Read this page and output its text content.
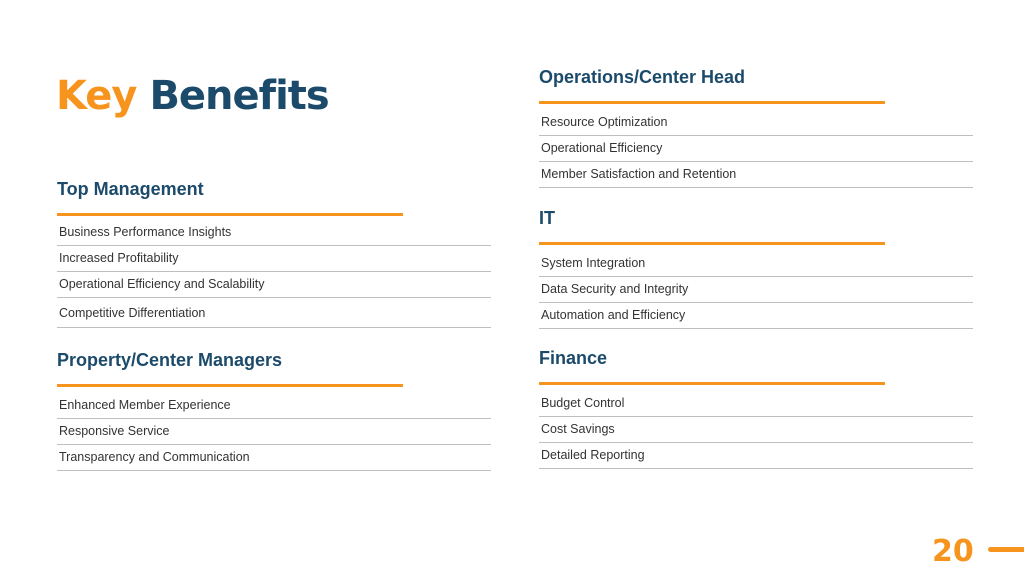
Key Benefits
Top Management
Business Performance Insights
Increased Profitability
Operational Efficiency and Scalability
Competitive Differentiation
Property/Center Managers
Enhanced Member Experience
Responsive Service
Transparency and Communication
Operations/Center Head
Resource Optimization
Operational Efficiency
Member Satisfaction and Retention
IT
System Integration
Data Security and Integrity
Automation and Efficiency
Finance
Budget Control
Cost Savings
Detailed Reporting
20
